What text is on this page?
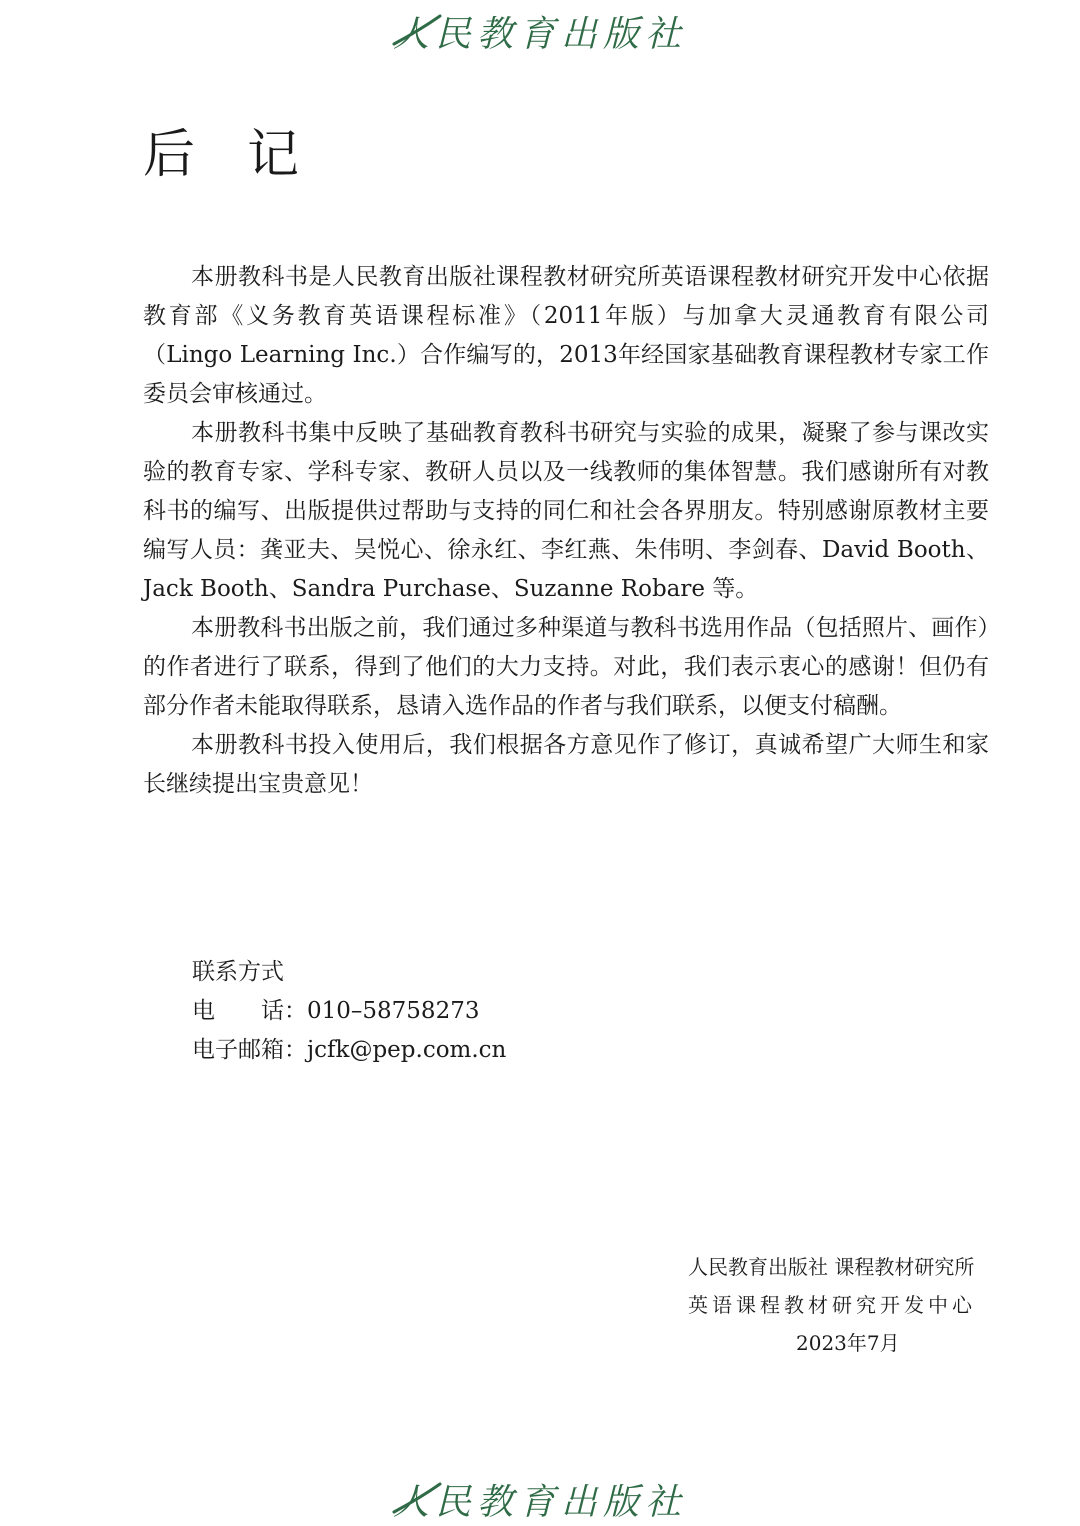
人民教育出版社
后记

本册教科书是人民教育出版社课程教材研究所英语课程教材研究开发中心依据教育部《义务教育英语课程标准》（2011年版）与加拿大灵通教育有限公司（Lingo Learning Inc.）合作编写的，2013年经国家基础教育课程教材专家工作委员会审核通过。

本册教科书集中反映了基础教育教科书研究与实验的成果，凝聚了参与课改实验的教育专家、学科专家、教研人员以及一线教师的集体智慧。我们感谢所有对教科书的编写、出版提供过帮助与支持的同仁和社会各界朋友。特别感谢原教材主要编写人员：龚亚夫、吴悦心、徐永红、李红燕、朱伟明、李剑春、David Booth、Jack Booth、Sandra Purchase、Suzanne Robare 等。

本册教科书出版之前，我们通过多种渠道与教科书选用作品（包括照片、画作）的作者进行了联系，得到了他们的大力支持。对此，我们表示衷心的感谢！但仍有部分作者未能取得联系，恳请入选作品的作者与我们联系，以便支付稿酬。

本册教科书投入使用后，我们根据各方意见作了修订，真诚希望广大师生和家长继续提出宝贵意见！

联系方式
电　　话：010–58758273
电子邮箱：jcfk@pep.com.cn
人民教育出版社 课程教材研究所
英语课程教材研究开发中心
2023年7月
人民教育出版社
